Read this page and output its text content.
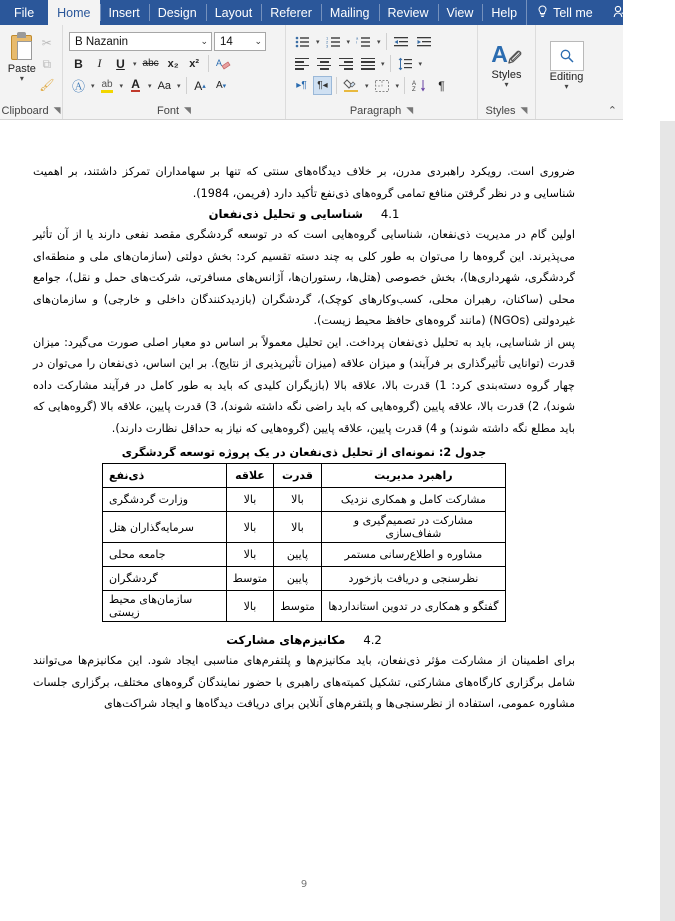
File Home Insert Design Layout Referer Mailing Review View Help	Tell me	Share
Paste
▾
✂
⧉
🖌
Clipboard ◥
B Nazanin	⌄ 14 ⌄
B	I	U	▾ abc x₂ x²	A
Ⓐ ▾ ab ▾ A ▾ Aa ▾ A ▴ A ▾
Font ◥
▾
1
2
3
▾
a
i	▾
▾	▾
▸¶ ¶◂	▾	▾ A
Z	¶
Paragraph ◥
A🖉
Styles
▾
Styles ◥
Editing
▾
⌃

ضروری است. رویکرد راهبردی مدرن، بر خلاف دیدگاه‌های سنتی که تنها بر سهامداران تمرکز داشتند، بر اهمیت شناسایی و در نظر گرفتن منافع تمامی گروه‌های ذی‌نفع تأکید دارد (فریمن، 1984).

4.1شناسایی و تحلیل ذی‌نفعان

اولین گام در مدیریت ذی‌نفعان، شناسایی گروه‌هایی است که در توسعه گردشگری مقصد نفعی دارند یا از آن تأثیر می‌پذیرند. این گروه‌ها را می‌توان به طور کلی به چند دسته تقسیم کرد: بخش دولتی (سازمان‌های ملی و منطقه‌ای گردشگری، شهرداری‌ها)، بخش خصوصی (هتل‌ها، رستوران‌ها، آژانس‌های مسافرتی، شرکت‌های حمل و نقل)، جوامع محلی (ساکنان، رهبران محلی، کسب‌وکارهای کوچک)، گردشگران (بازدیدکنندگان داخلی و خارجی) و سازمان‌های غیردولتی (NGOs) (مانند گروه‌های حافظ محیط زیست).

پس از شناسایی، باید به تحلیل ذی‌نفعان پرداخت. این تحلیل معمولاً بر اساس دو معیار اصلی صورت می‌گیرد: میزان قدرت (توانایی تأثیرگذاری بر فرآیند) و میزان علاقه (میزان تأثیرپذیری از نتایج). بر این اساس، ذی‌نفعان را می‌توان در چهار گروه دسته‌بندی کرد: 1) قدرت بالا، علاقه بالا (بازیگران کلیدی که باید به طور کامل در فرآیند مشارکت داده شوند)، 2) قدرت بالا، علاقه پایین (گروه‌هایی که باید راضی نگه داشته شوند)، 3) قدرت پایین، علاقه بالا (گروه‌هایی که باید مطلع نگه داشته شوند) و 4) قدرت پایین، علاقه پایین (گروه‌هایی که نیاز به حداقل نظارت دارند).

جدول 2: نمونه‌ای از تحلیل ذی‌نفعان در یک پروژه توسعه گردشگری
راهبرد مدیریت	قدرت	علاقه	ذی‌نفع
مشارکت کامل و همکاری نزدیک	بالا	بالا	وزارت گردشگری
مشارکت در تصمیم‌گیری و شفاف‌سازی	بالا	بالا	سرمایه‌گذاران هتل
مشاوره و اطلاع‌رسانی مستمر	پایین	بالا	جامعه محلی
نظرسنجی و دریافت بازخورد	پایین	متوسط	گردشگران
گفتگو و همکاری در تدوین استانداردها	متوسط	بالا	سازمان‌های محیط زیستی
4.2مکانیزم‌های مشارکت

برای اطمینان از مشارکت مؤثر ذی‌نفعان، باید مکانیزم‌ها و پلتفرم‌های مناسبی ایجاد شود. این مکانیزم‌ها می‌توانند شامل برگزاری کارگاه‌های مشارکتی، تشکیل کمیته‌های راهبری با حضور نمایندگان گروه‌های مختلف، برگزاری جلسات مشاوره عمومی، استفاده از نظرسنجی‌ها و پلتفرم‌های آنلاین برای دریافت دیدگاه‌ها و ایجاد شراکت‌های

9
